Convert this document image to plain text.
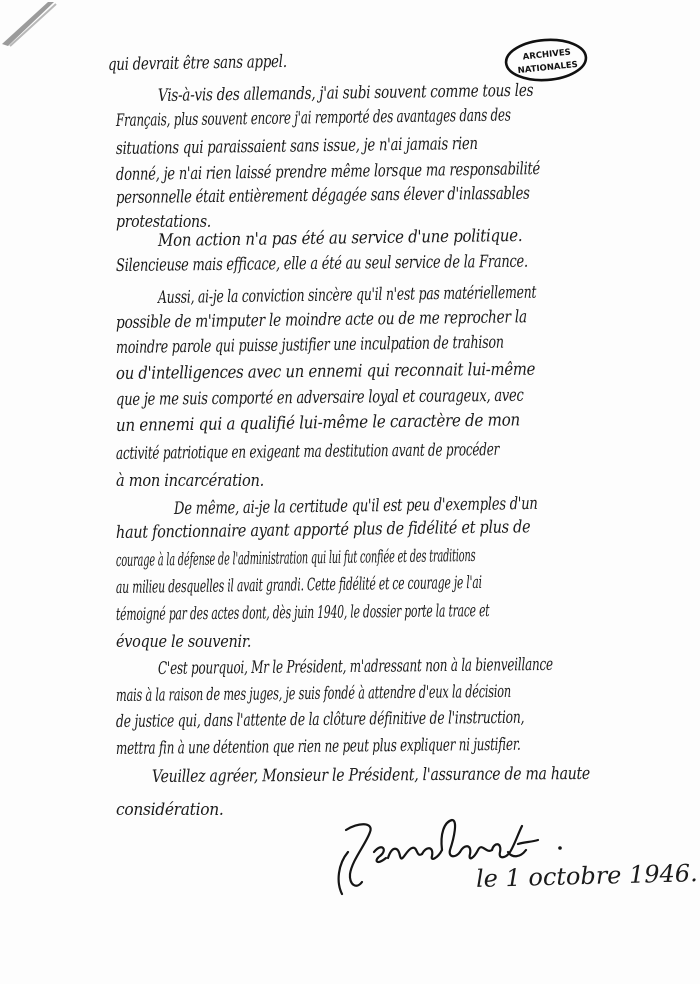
ARCHIVES
NATIONALES
qui devrait être sans appel.
Vis-à-vis des allemands, j'ai subi souvent comme tous les
Français, plus souvent encore j'ai remporté des avantages dans des
situations qui paraissaient sans issue, je n'ai jamais rien
donné, je n'ai rien laissé prendre même lorsque ma responsabilité
personnelle était entièrement dégagée sans élever d'inlassables
protestations.
Mon action n'a pas été au service d'une politique.
Silencieuse mais efficace, elle a été au seul service de la France.
Aussi, ai-je la conviction sincère qu'il n'est pas matériellement
possible de m'imputer le moindre acte ou de me reprocher la
moindre parole qui puisse justifier une inculpation de trahison
ou d'intelligences avec un ennemi qui reconnait lui-même
que je me suis comporté en adversaire loyal et courageux, avec
un ennemi qui a qualifié lui-même le caractère de mon
activité patriotique en exigeant ma destitution avant de procéder
à mon incarcération.
De même, ai-je la certitude qu'il est peu d'exemples d'un
haut fonctionnaire ayant apporté plus de fidélité et plus de
courage à la défense de l'administration qui lui fut confiée et des traditions
au milieu desquelles il avait grandi. Cette fidélité et ce courage je l'ai
témoigné par des actes dont, dès juin 1940, le dossier porte la trace et
évoque le souvenir.
C'est pourquoi, Mr le Président, m'adressant non à la bienveillance
mais à la raison de mes juges, je suis fondé à attendre d'eux la décision
de justice qui, dans l'attente de la clôture définitive de l'instruction,
mettra fin à une détention que rien ne peut plus expliquer ni justifier.
Veuillez agréer, Monsieur le Président, l'assurance de ma haute
considération.
le 1 octobre 1946.
